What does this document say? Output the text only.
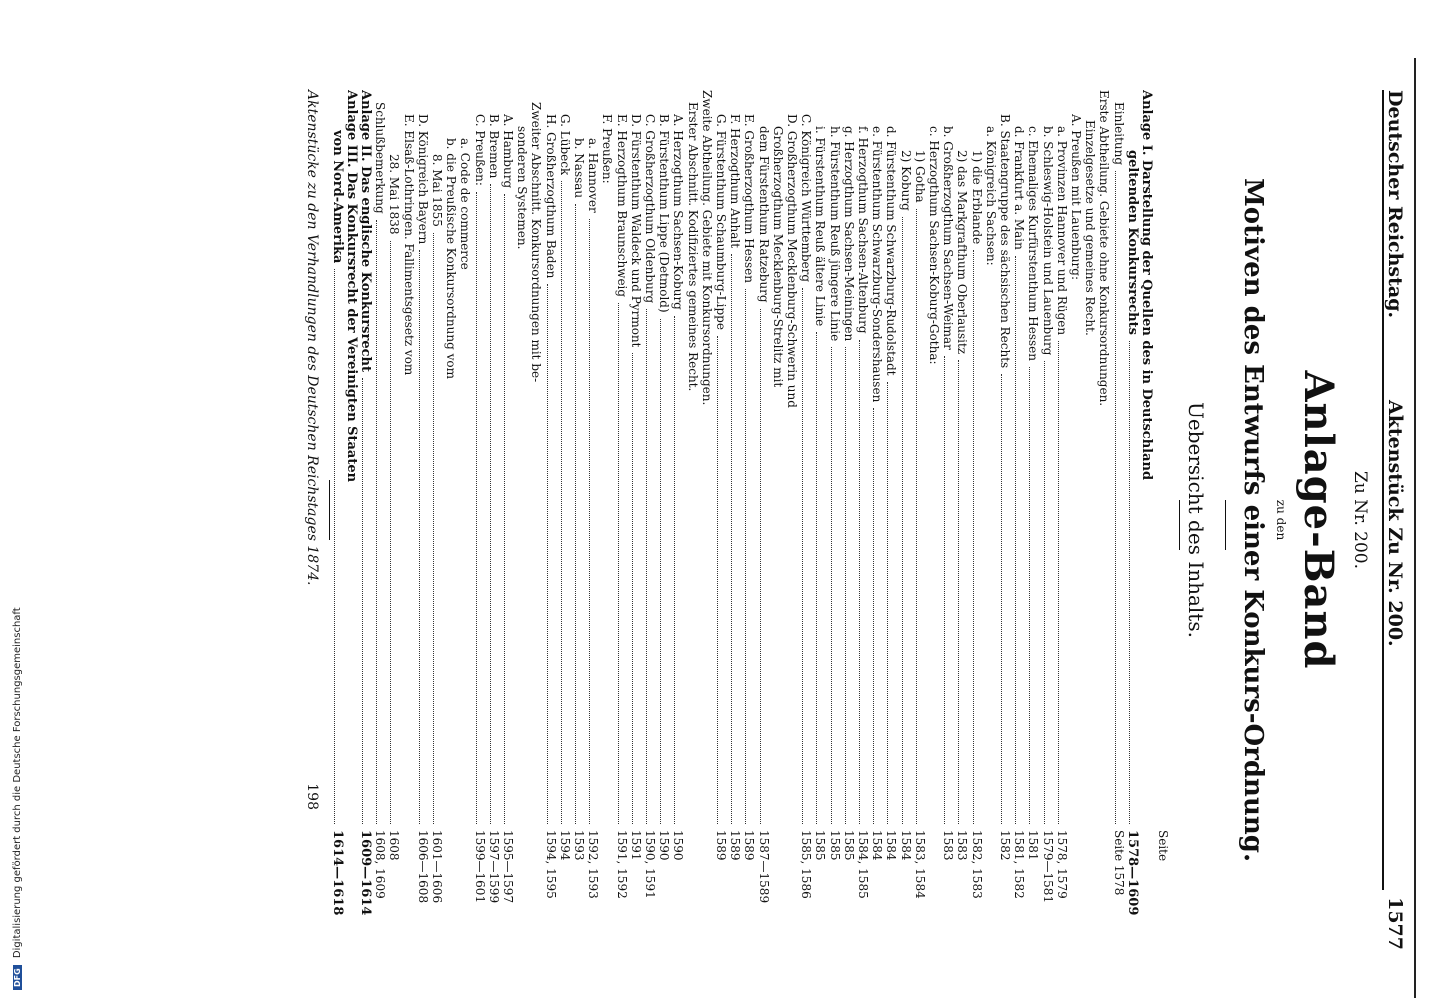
Deutscher Reichstag.
Aktenstück Zu Nr. 200.
1577
Zu Nr. 200.
Anlage-Band
zu den
Motiven des Entwurfs einer Konkurs-Ordnung.
Uebersicht des Inhalts.
Seite
Anlage I. Darstellung der Quellen des in Deutschland
geltenden Konkursrechts
1578—1609
Einleitung
Seite 1578
Erste Abtheilung. Gebiete ohne Konkursordnungen.
Einzelgesetze und gemeines Recht.
A. Preußen mit Lauenburg:
a. Provinzen Hannover und Rügen
1578, 1579
b. Schleswig-Holstein und Lauenburg
1579—1581
c. Ehemaliges Kurfürstenthum Hessen
1581
d. Frankfurt a. Main
1581, 1582
B. Staatengruppe des sächsischen Rechts
1582
a. Königreich Sachsen:
1) die Erblande
1582, 1583
2) das Markgrafthum Oberlausitz
1583
b. Großherzogthum Sachsen-Weimar
1583
c. Herzogthum Sachsen-Koburg-Gotha:
1) Gotha
1583, 1584
2) Koburg
1584
d. Fürstenthum Schwarzburg-Rudolstadt
1584
e. Fürstenthum Schwarzburg-Sondershausen
1584
f. Herzogthum Sachsen-Altenburg
1584, 1585
g. Herzogthum Sachsen-Meiningen
1585
h. Fürstenthum Reuß jüngere Linie
1585
i. Fürstenthum Reuß ältere Linie
1585
C. Königreich Württemberg
1585, 1586
D. Großherzogthum Mecklenburg-Schwerin und
Großherzogthum Mecklenburg-Strelitz mit
dem Fürstenthum Ratzeburg
1587—1589
E. Großherzogthum Hessen
1589
F. Herzogthum Anhalt
1589
G. Fürstenthum Schaumburg-Lippe
1589
Zweite Abtheilung. Gebiete mit Konkursordnungen.
Erster Abschnitt. Kodifiziertes gemeines Recht.
A. Herzogthum Sachsen-Koburg
1590
B. Fürstenthum Lippe (Detmold)
1590
C. Großherzogthum Oldenburg
1590, 1591
D. Fürstenthum Waldeck und Pyrmont
1591
E. Herzogthum Braunschweig
1591, 1592
F. Preußen:
a. Hannover
1592, 1593
b. Nassau
1593
G. Lübeck
1594
H. Großherzogthum Baden
1594, 1595
Zweiter Abschnitt. Konkursordnungen mit be-
sonderen Systemen.
A. Hamburg
1595—1597
B. Bremen
1597—1599
C. Preußen:
1599—1601
a. Code de commerce
b. die Preußische Konkursordnung vom
8. Mai 1855
1601—1606
D. Königreich Bayern
1606—1608
E. Elsaß-Lothringen. Fallimentsgesetz vom
28. Mai 1838
1608
Schlußbemerkung
1608, 1609
Anlage II. Das englische Konkursrecht
1609—1614
Anlage III. Das Konkursrecht der Vereinigten Staaten
von Nord-Amerika
1614—1618
Aktenstücke zu den Verhandlungen des Deutschen Reichstages 1874.
198
DFG Digitalisierung gefördert durch die Deutsche Forschungsgemeinschaft
